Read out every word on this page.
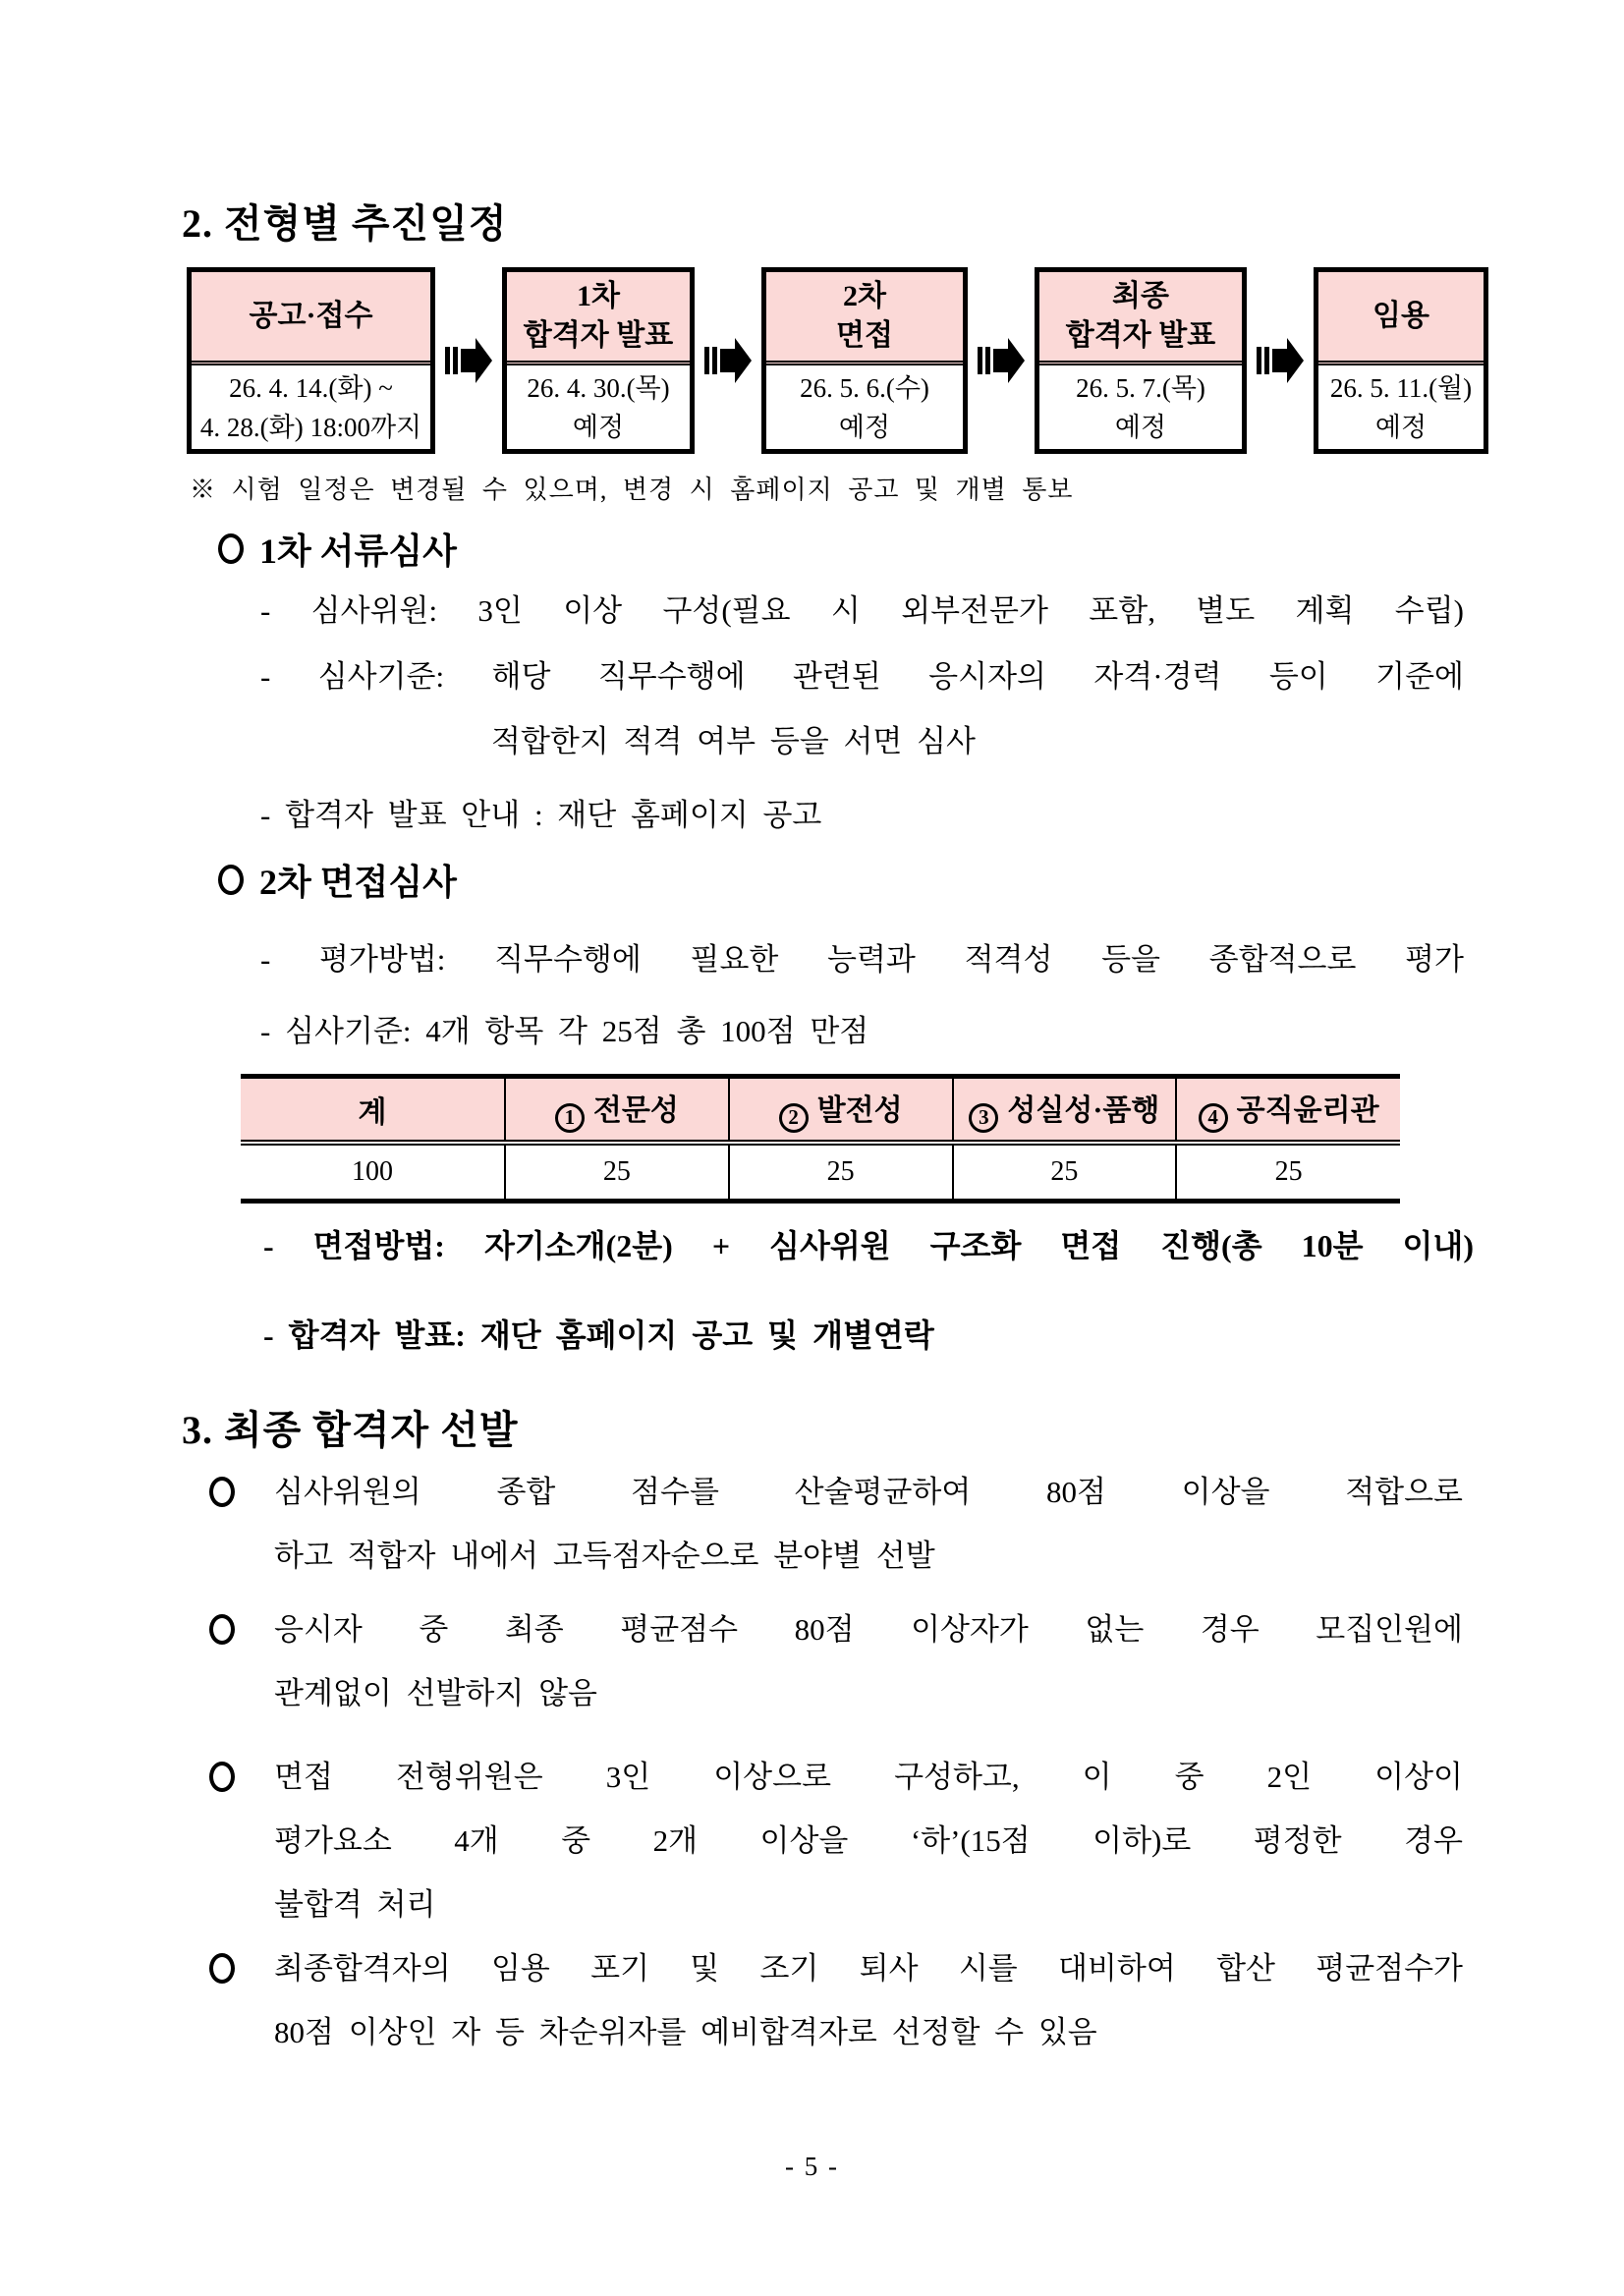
2. 전형별 추진일정
공고·접수
26. 4. 14.(화) ~
4. 28.(화) 18:00까지
1차
합격자 발표
26. 4. 30.(목)
예정
2차
면접
26. 5. 6.(수)
예정
최종
합격자 발표
26. 5. 7.(목)
예정
임용
26. 5. 11.(월)
예정
※ 시험 일정은 변경될 수 있으며, 변경 시 홈페이지 공고 및 개별 통보
1차 서류심사
- 심사위원: 3인 이상 구성(필요 시 외부전문가 포함, 별도 계획 수립)
- 심사기준: 해당 직무수행에 관련된 응시자의 자격·경력 등이 기준에
적합한지 적격 여부 등을 서면 심사
- 합격자 발표 안내 : 재단 홈페이지 공고
2차 면접심사
- 평가방법: 직무수행에 필요한 능력과 적격성 등을 종합적으로 평가
- 심사기준: 4개 항목 각 25점 총 100점 만점
계	1 전문성	2 발전성	3 성실성·품행	4 공직윤리관
100	25	25	25	25
- 면접방법: 자기소개(2분) + 심사위원 구조화 면접 진행(총 10분 이내)
- 합격자 발표: 재단 홈페이지 공고 및 개별연락
3. 최종 합격자 선발
심사위원의 종합 점수를 산술평균하여 80점 이상을 적합으로
하고 적합자 내에서 고득점자순으로 분야별 선발
응시자 중 최종 평균점수 80점 이상자가 없는 경우 모집인원에
관계없이 선발하지 않음
면접 전형위원은 3인 이상으로 구성하고, 이 중 2인 이상이
평가요소 4개 중 2개 이상을 ‘하’(15점 이하)로 평정한 경우
불합격 처리
최종합격자의 임용 포기 및 조기 퇴사 시를 대비하여 합산 평균점수가
80점 이상인 자 등 차순위자를 예비합격자로 선정할 수 있음
- 5 -
